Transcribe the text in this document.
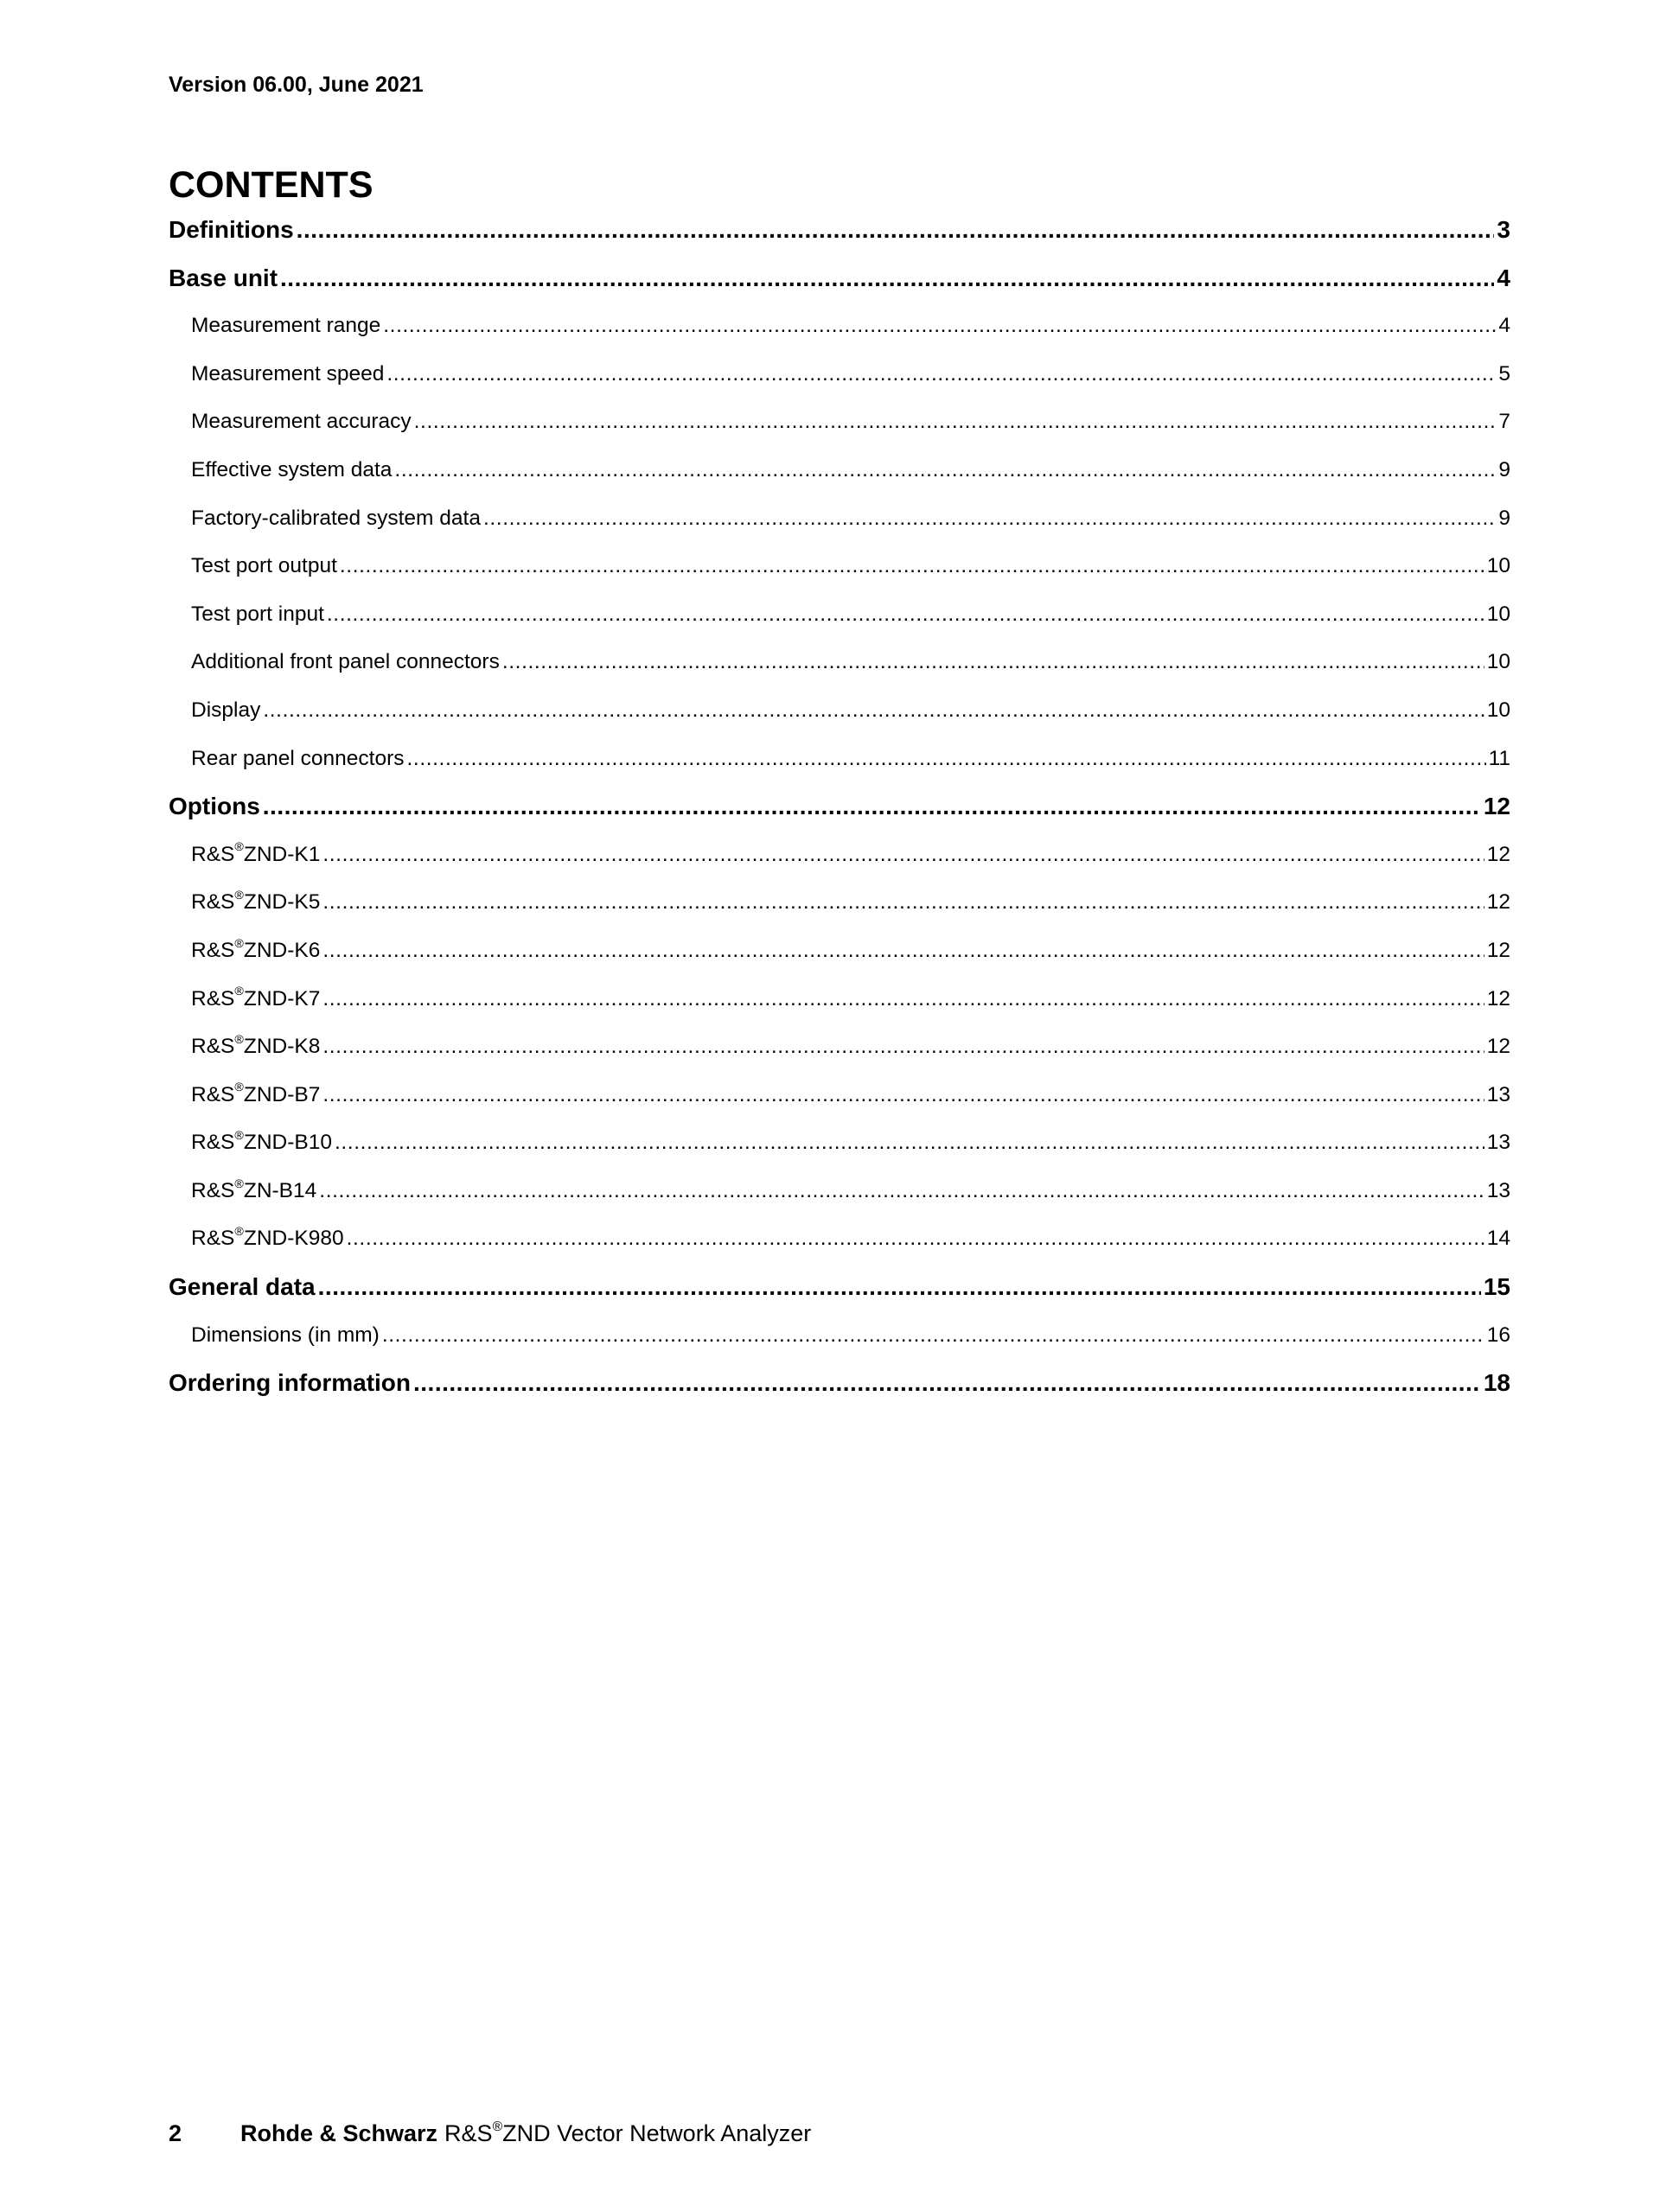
Version 06.00, June 2021
CONTENTS
Definitions .....	3
Base unit .....	4
Measurement range .....	4
Measurement speed .....	5
Measurement accuracy .....	7
Effective system data .....	9
Factory-calibrated system data .....	9
Test port output .....	10
Test port input .....	10
Additional front panel connectors .....	10
Display .....	10
Rear panel connectors .....	11
Options .....	12
R&S®ZND-K1 .....	12
R&S®ZND-K5 .....	12
R&S®ZND-K6 .....	12
R&S®ZND-K7 .....	12
R&S®ZND-K8 .....	12
R&S®ZND-B7 .....	13
R&S®ZND-B10 .....	13
R&S®ZN-B14 .....	13
R&S®ZND-K980 .....	14
General data .....	15
Dimensions (in mm) .....	16
Ordering information .....	18
2	Rohde & Schwarz R&S®ZND Vector Network Analyzer
